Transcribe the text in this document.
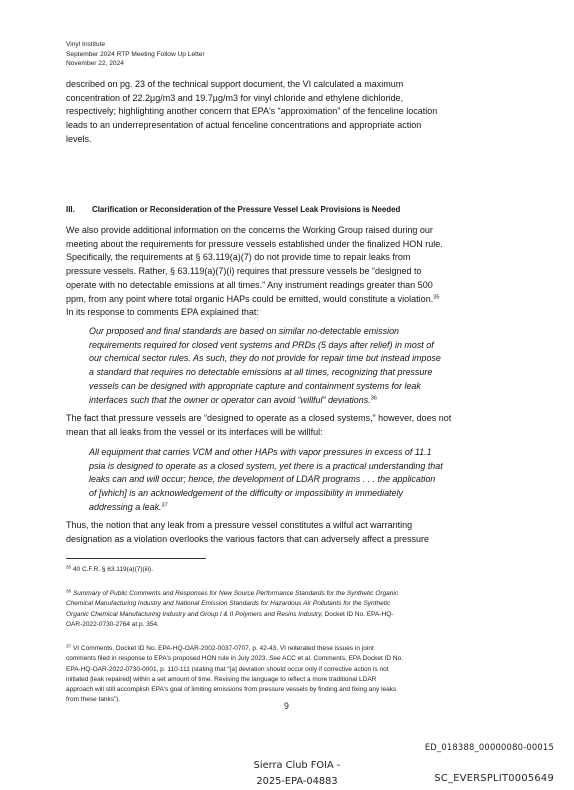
Vinyl Institute
September 2024 RTP Meeting Follow Up Letter
November 22, 2024
described on pg. 23 of the technical support document, the VI calculated a maximum
concentration of 22.2µg/m3 and 19.7µg/m3 for vinyl chloride and ethylene dichloride,
respectively; highlighting another concern that EPA's “approximation” of the fenceline location
leads to an underrepresentation of actual fenceline concentrations and appropriate action
levels.
III. Clarification or Reconsideration of the Pressure Vessel Leak Provisions is Needed
We also provide additional information on the concerns the Working Group raised during our
meeting about the requirements for pressure vessels established under the finalized HON rule.
Specifically, the requirements at § 63.119(a)(7) do not provide time to repair leaks from
pressure vessels. Rather, § 63.119(a)(7)(i) requires that pressure vessels be “designed to
operate with no detectable emissions at all times.” Any instrument readings greater than 500
ppm, from any point where total organic HAPs could be emitted, would constitute a violation.$^{35}$
In its response to comments EPA explained that:
Our proposed and final standards are based on similar no-detectable emission
requirements required for closed vent systems and PRDs (5 days after relief) in most of
our chemical sector rules. As such, they do not provide for repair time but instead impose
a standard that requires no detectable emissions at all times, recognizing that pressure
vessels can be designed with appropriate capture and containment systems for leak
interfaces such that the owner or operator can avoid “willful” deviations.$^{36}$
The fact that pressure vessels are “designed to operate as a closed systems,” however, does not
mean that all leaks from the vessel or its interfaces will be willful:
All equipment that carries VCM and other HAPs with vapor pressures in excess of 11.1
psia is designed to operate as a closed system, yet there is a practical understanding that
leaks can and will occur; hence, the development of LDAR programs . . . the application
of [which] is an acknowledgement of the difficulty or impossibility in immediately
addressing a leak.$^{37}$
Thus, the notion that any leak from a pressure vessel constitutes a wilful act warranting
designation as a violation overlooks the various factors that can adversely affect a pressure
$^{35}$ 40 C.F.R. § 63.119(a)(7)(iii).
$^{36}$ Summary of Public Comments and Responses for New Source Performance Standards for the Synthetic Organic
Chemical Manufacturing Industry and National Emission Standards for Hazardous Air Pollutants for the Synthetic
Organic Chemical Manufacturing Industry and Group I & II Polymers and Resins Industry, Docket ID No. EPA-HQ-
OAR-2022-0730-2764 at p. 354.
$^{37}$ VI Comments, Docket ID No. EPA-HQ-OAR-2002-0037-0707, p. 42-43. VI reiterated these issues in joint
comments filed in response to EPA's proposed HON rule in July 2023. See ACC et al. Comments, EPA Docket ID No.
EPA-HQ-OAR-2022-0730-0001, p. 110-111 (stating that “[a] deviation should occur only if corrective action is not
initiated [leak repaired] within a set amount of time. Revising the language to reflect a more traditional LDAR
approach will still accomplish EPA's goal of limiting emissions from pressure vessels by finding and fixing any leaks
from these tanks”).
9
ED_018388_00000080-00015
Sierra Club FOIA -
2025-EPA-04883	SC_EVERSPLIT0005649
